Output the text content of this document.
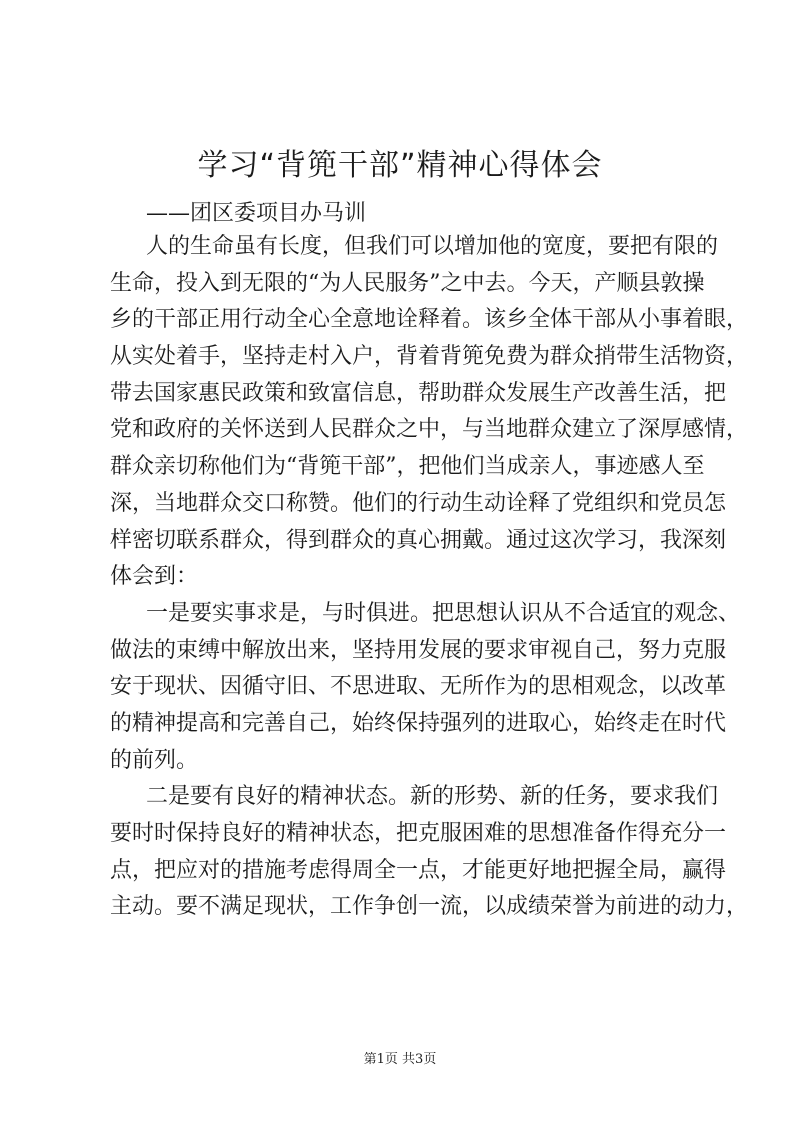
学习“背篼干部”精神心得体会
——团区委项目办马训
人的生命虽有长度，但我们可以增加他的宽度，要把有限的
生命，投入到无限的“为人民服务”之中去。今天，产顺县敦操
乡的干部正用行动全心全意地诠释着。该乡全体干部从小事着眼，
从实处着手，坚持走村入户，背着背篼免费为群众捎带生活物资，
带去国家惠民政策和致富信息，帮助群众发展生产改善生活，把
党和政府的关怀送到人民群众之中，与当地群众建立了深厚感情，
群众亲切称他们为“背篼干部”，把他们当成亲人，事迹感人至
深，当地群众交口称赞。他们的行动生动诠释了党组织和党员怎
样密切联系群众，得到群众的真心拥戴。通过这次学习，我深刻
体会到：
一是要实事求是，与时俱进。把思想认识从不合适宜的观念、
做法的束缚中解放出来，坚持用发展的要求审视自己，努力克服
安于现状、因循守旧、不思进取、无所作为的思相观念，以改革
的精神提高和完善自己，始终保持强列的进取心，始终走在时代
的前列。
二是要有良好的精神状态。新的形势、新的任务，要求我们
要时时保持良好的精神状态，把克服困难的思想准备作得充分一
点，把应对的措施考虑得周全一点，才能更好地把握全局，赢得
主动。要不满足现状，工作争创一流，以成绩荣誉为前进的动力，
第1页 共3页
